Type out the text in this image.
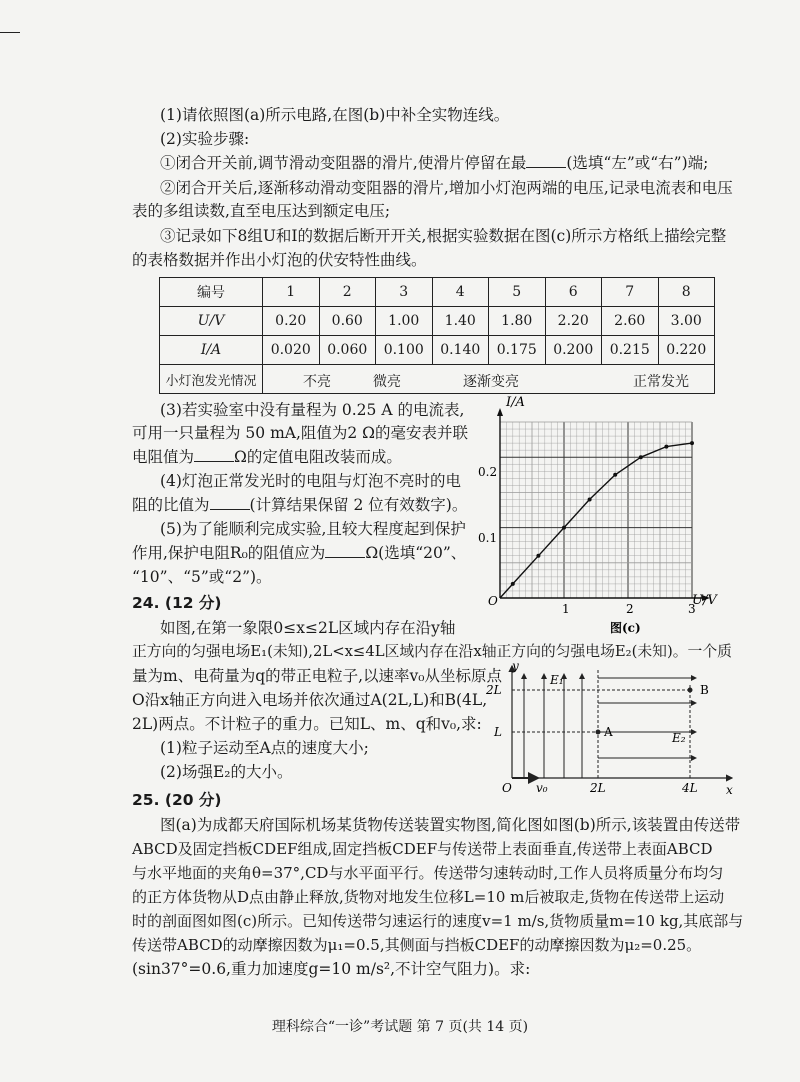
(1)请依照图(a)所示电路,在图(b)中补全实物连线。
(2)实验步骤:
①闭合开关前,调节滑动变阻器的滑片,使滑片停留在最	(选填“左”或“右”)端;
②闭合开关后,逐渐移动滑动变阻器的滑片,增加小灯泡两端的电压,记录电流表和电压
表的多组读数,直至电压达到额定电压;
③记录如下8组U和I的数据后断开开关,根据实验数据在图(c)所示方格纸上描绘完整
的表格数据并作出小灯泡的伏安特性曲线。
编号	1	2	3	4	5	6	7	8
U/V	0.20	0.60	1.00	1.40	1.80	2.20	2.60	3.00
I/A	0.020	0.060	0.100	0.140	0.175	0.200	0.215	0.220
小灯泡发光情况	不亮 微亮 逐渐变亮 正常发光							
(3)若实验室中没有量程为 0.25 A 的电流表,
可用一只量程为 50 mA,阻值为2 Ω的毫安表并联
电阻值为	Ω的定值电阻改装而成。
(4)灯泡正常发光时的电阻与灯泡不亮时的电
阻的比值为	(计算结果保留 2 位有效数字)。
(5)为了能顺利完成实验,且较大程度起到保护
作用,保护电阻R₀的阻值应为	Ω(选填“20”、
“10”、“5”或“2”)。
I/A
U/V
O
1	2	3
0.1
0.2
图(c)
24. (12 分)
如图,在第一象限0≤x≤2L区域内存在沿y轴
正方向的匀强电场E₁(未知),2L<x≤4L区域内存在沿x轴正方向的匀强电场E₂(未知)。一个质
量为m、电荷量为q的带正电粒子,以速率v₀从坐标原点
O沿x轴正方向进入电场并依次通过A(2L,L)和B(4L,
2L)两点。不计粒子的重力。已知L、m、q和v₀,求:
(1)粒子运动至A点的速度大小;
(2)场强E₂的大小。
y
x
O
2L
L
v₀	2L	4L
E₁
E₂
A
B
25. (20 分)
图(a)为成都天府国际机场某货物传送装置实物图,简化图如图(b)所示,该装置由传送带
ABCD及固定挡板CDEF组成,固定挡板CDEF与传送带上表面垂直,传送带上表面ABCD
与水平地面的夹角θ=37°,CD与水平面平行。传送带匀速转动时,工作人员将质量分布均匀
的正方体货物从D点由静止释放,货物对地发生位移L=10 m后被取走,货物在传送带上运动
时的剖面图如图(c)所示。已知传送带匀速运行的速度v=1 m/s,货物质量m=10 kg,其底部与
传送带ABCD的动摩擦因数为μ₁=0.5,其侧面与挡板CDEF的动摩擦因数为μ₂=0.25。
(sin37°=0.6,重力加速度g=10 m/s²,不计空气阻力)。求:
理科综合“一诊”考试题 第 7 页(共 14 页)
